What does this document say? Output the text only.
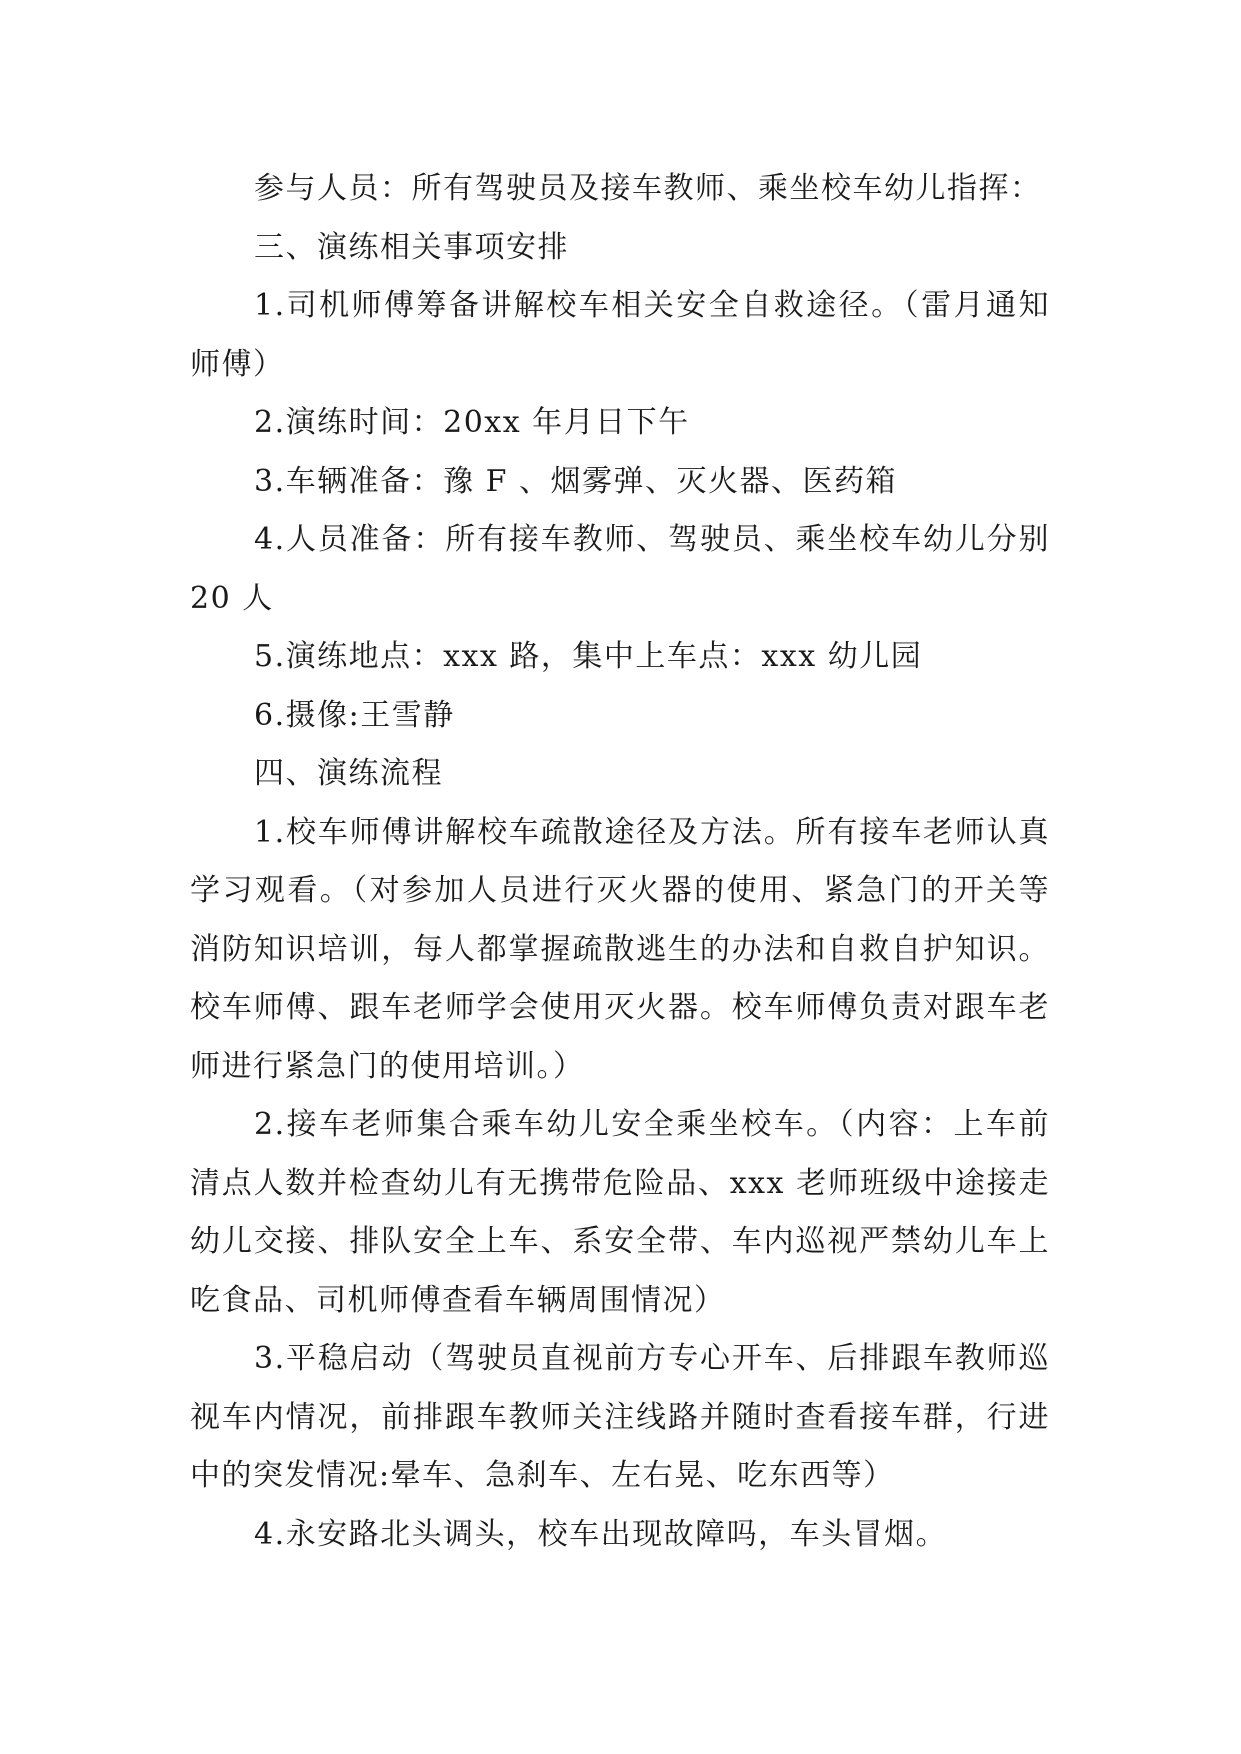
参与人员：所有驾驶员及接车教师、乘坐校车幼儿指挥：

三、演练相关事项安排

1.司机师傅筹备讲解校车相关安全自救途径。（雷月通知师傅）

2.演练时间：20xx 年月日下午

3.车辆准备：豫 F 、烟雾弹、灭火器、医药箱

4.人员准备：所有接车教师、驾驶员、乘坐校车幼儿分别 20 人

5.演练地点：xxx 路，集中上车点：xxx 幼儿园

6.摄像:王雪静

四、演练流程

1.校车师傅讲解校车疏散途径及方法。所有接车老师认真学习观看。（对参加人员进行灭火器的使用、紧急门的开关等消防知识培训，每人都掌握疏散逃生的办法和自救自护知识。校车师傅、跟车老师学会使用灭火器。校车师傅负责对跟车老师进行紧急门的使用培训。）

2.接车老师集合乘车幼儿安全乘坐校车。（内容：上车前清点人数并检查幼儿有无携带危险品、xxx 老师班级中途接走幼儿交接、排队安全上车、系安全带、车内巡视严禁幼儿车上吃食品、司机师傅查看车辆周围情况）

3.平稳启动（驾驶员直视前方专心开车、后排跟车教师巡视车内情况，前排跟车教师关注线路并随时查看接车群，行进中的突发情况:晕车、急刹车、左右晃、吃东西等）

4.永安路北头调头，校车出现故障吗，车头冒烟。
